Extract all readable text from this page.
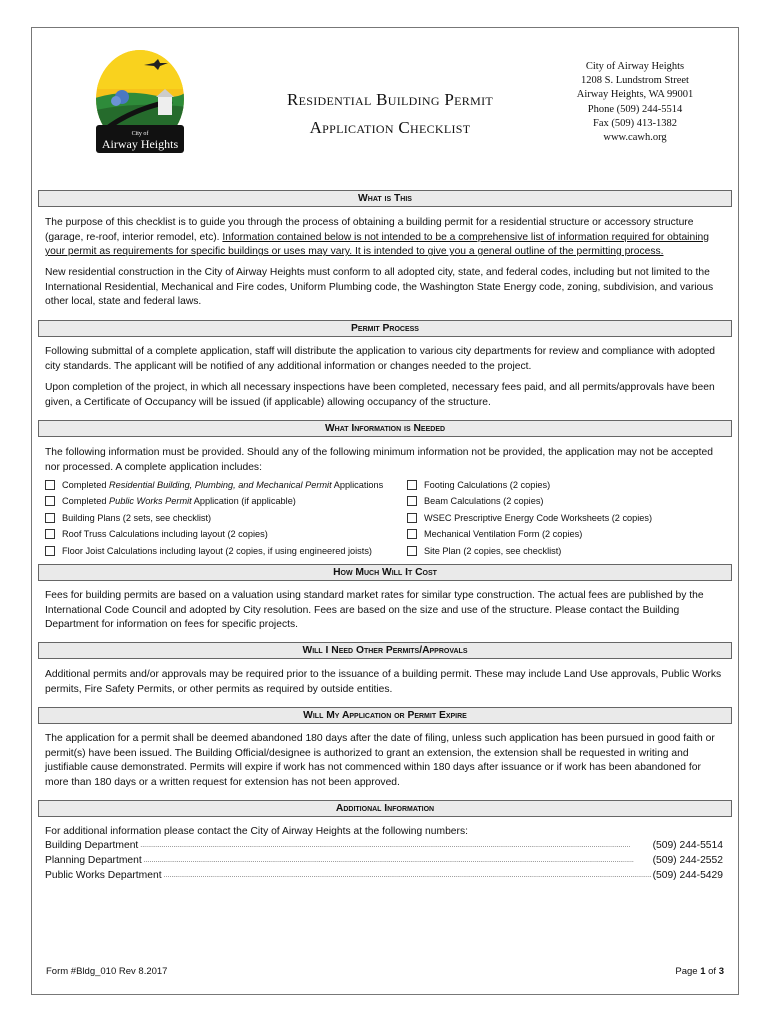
City of
Airway Heights
Residential Building Permit
Application Checklist
City of Airway Heights
1208 S. Lundstrom Street
Airway Heights, WA 99001
Phone (509) 244-5514
Fax (509) 413-1382
www.cawh.org
What is This
The purpose of this checklist is to guide you through the process of obtaining a building permit for a residential structure or accessory structure (garage, re-roof, interior remodel, etc). Information contained below is not intended to be a comprehensive list of information required for obtaining your permit as requirements for specific buildings or uses may vary. It is intended to give you a general outline of the permitting process.
New residential construction in the City of Airway Heights must conform to all adopted city, state, and federal codes, including but not limited to the International Residential, Mechanical and Fire codes, Uniform Plumbing code, the Washington State Energy code, zoning, subdivision, and various other local, state and federal laws.
Permit Process
Following submittal of a complete application, staff will distribute the application to various city departments for review and compliance with adopted city standards. The applicant will be notified of any additional information or changes needed to the project.
Upon completion of the project, in which all necessary inspections have been completed, necessary fees paid, and all permits/approvals have been given, a Certificate of Occupancy will be issued (if applicable) allowing occupancy of the structure.
What Information is Needed
The following information must be provided. Should any of the following minimum information not be provided, the application may not be accepted nor processed. A complete application includes:
Completed Residential Building, Plumbing, and Mechanical Permit Applications
Completed Public Works Permit Application (if applicable)
Building Plans (2 sets, see checklist)
Roof Truss Calculations including layout (2 copies)
Floor Joist Calculations including layout (2 copies, if using engineered joists)
Footing Calculations (2 copies)
Beam Calculations (2 copies)
WSEC Prescriptive Energy Code Worksheets (2 copies)
Mechanical Ventilation Form (2 copies)
Site Plan (2 copies, see checklist)
How Much Will It Cost
Fees for building permits are based on a valuation using standard market rates for similar type construction. The actual fees are published by the International Code Council and adopted by City resolution. Fees are based on the size and use of the structure. Please contact the Building Department for information on fees for specific projects.
Will I Need Other Permits/Approvals
Additional permits and/or approvals may be required prior to the issuance of a building permit. These may include Land Use approvals, Public Works permits, Fire Safety Permits, or other permits as required by outside entities.
Will My Application or Permit Expire
The application for a permit shall be deemed abandoned 180 days after the date of filing, unless such application has been pursued in good faith or permit(s) have been issued. The Building Official/designee is authorized to grant an extension, the extension shall be requested in writing and justifiable cause demonstrated. Permits will expire if work has not commenced within 180 days after issuance or if work has been abandoned for more than 180 days or a written request for extension has not been approved.
Additional Information
For additional information please contact the City of Airway Heights at the following numbers:
Building Department .....	(509) 244-5514
Planning Department .....	(509) 244-2552
Public Works Department .....	(509) 244-5429
Form #Bldg_010 Rev 8.2017	Page 1 of 3
